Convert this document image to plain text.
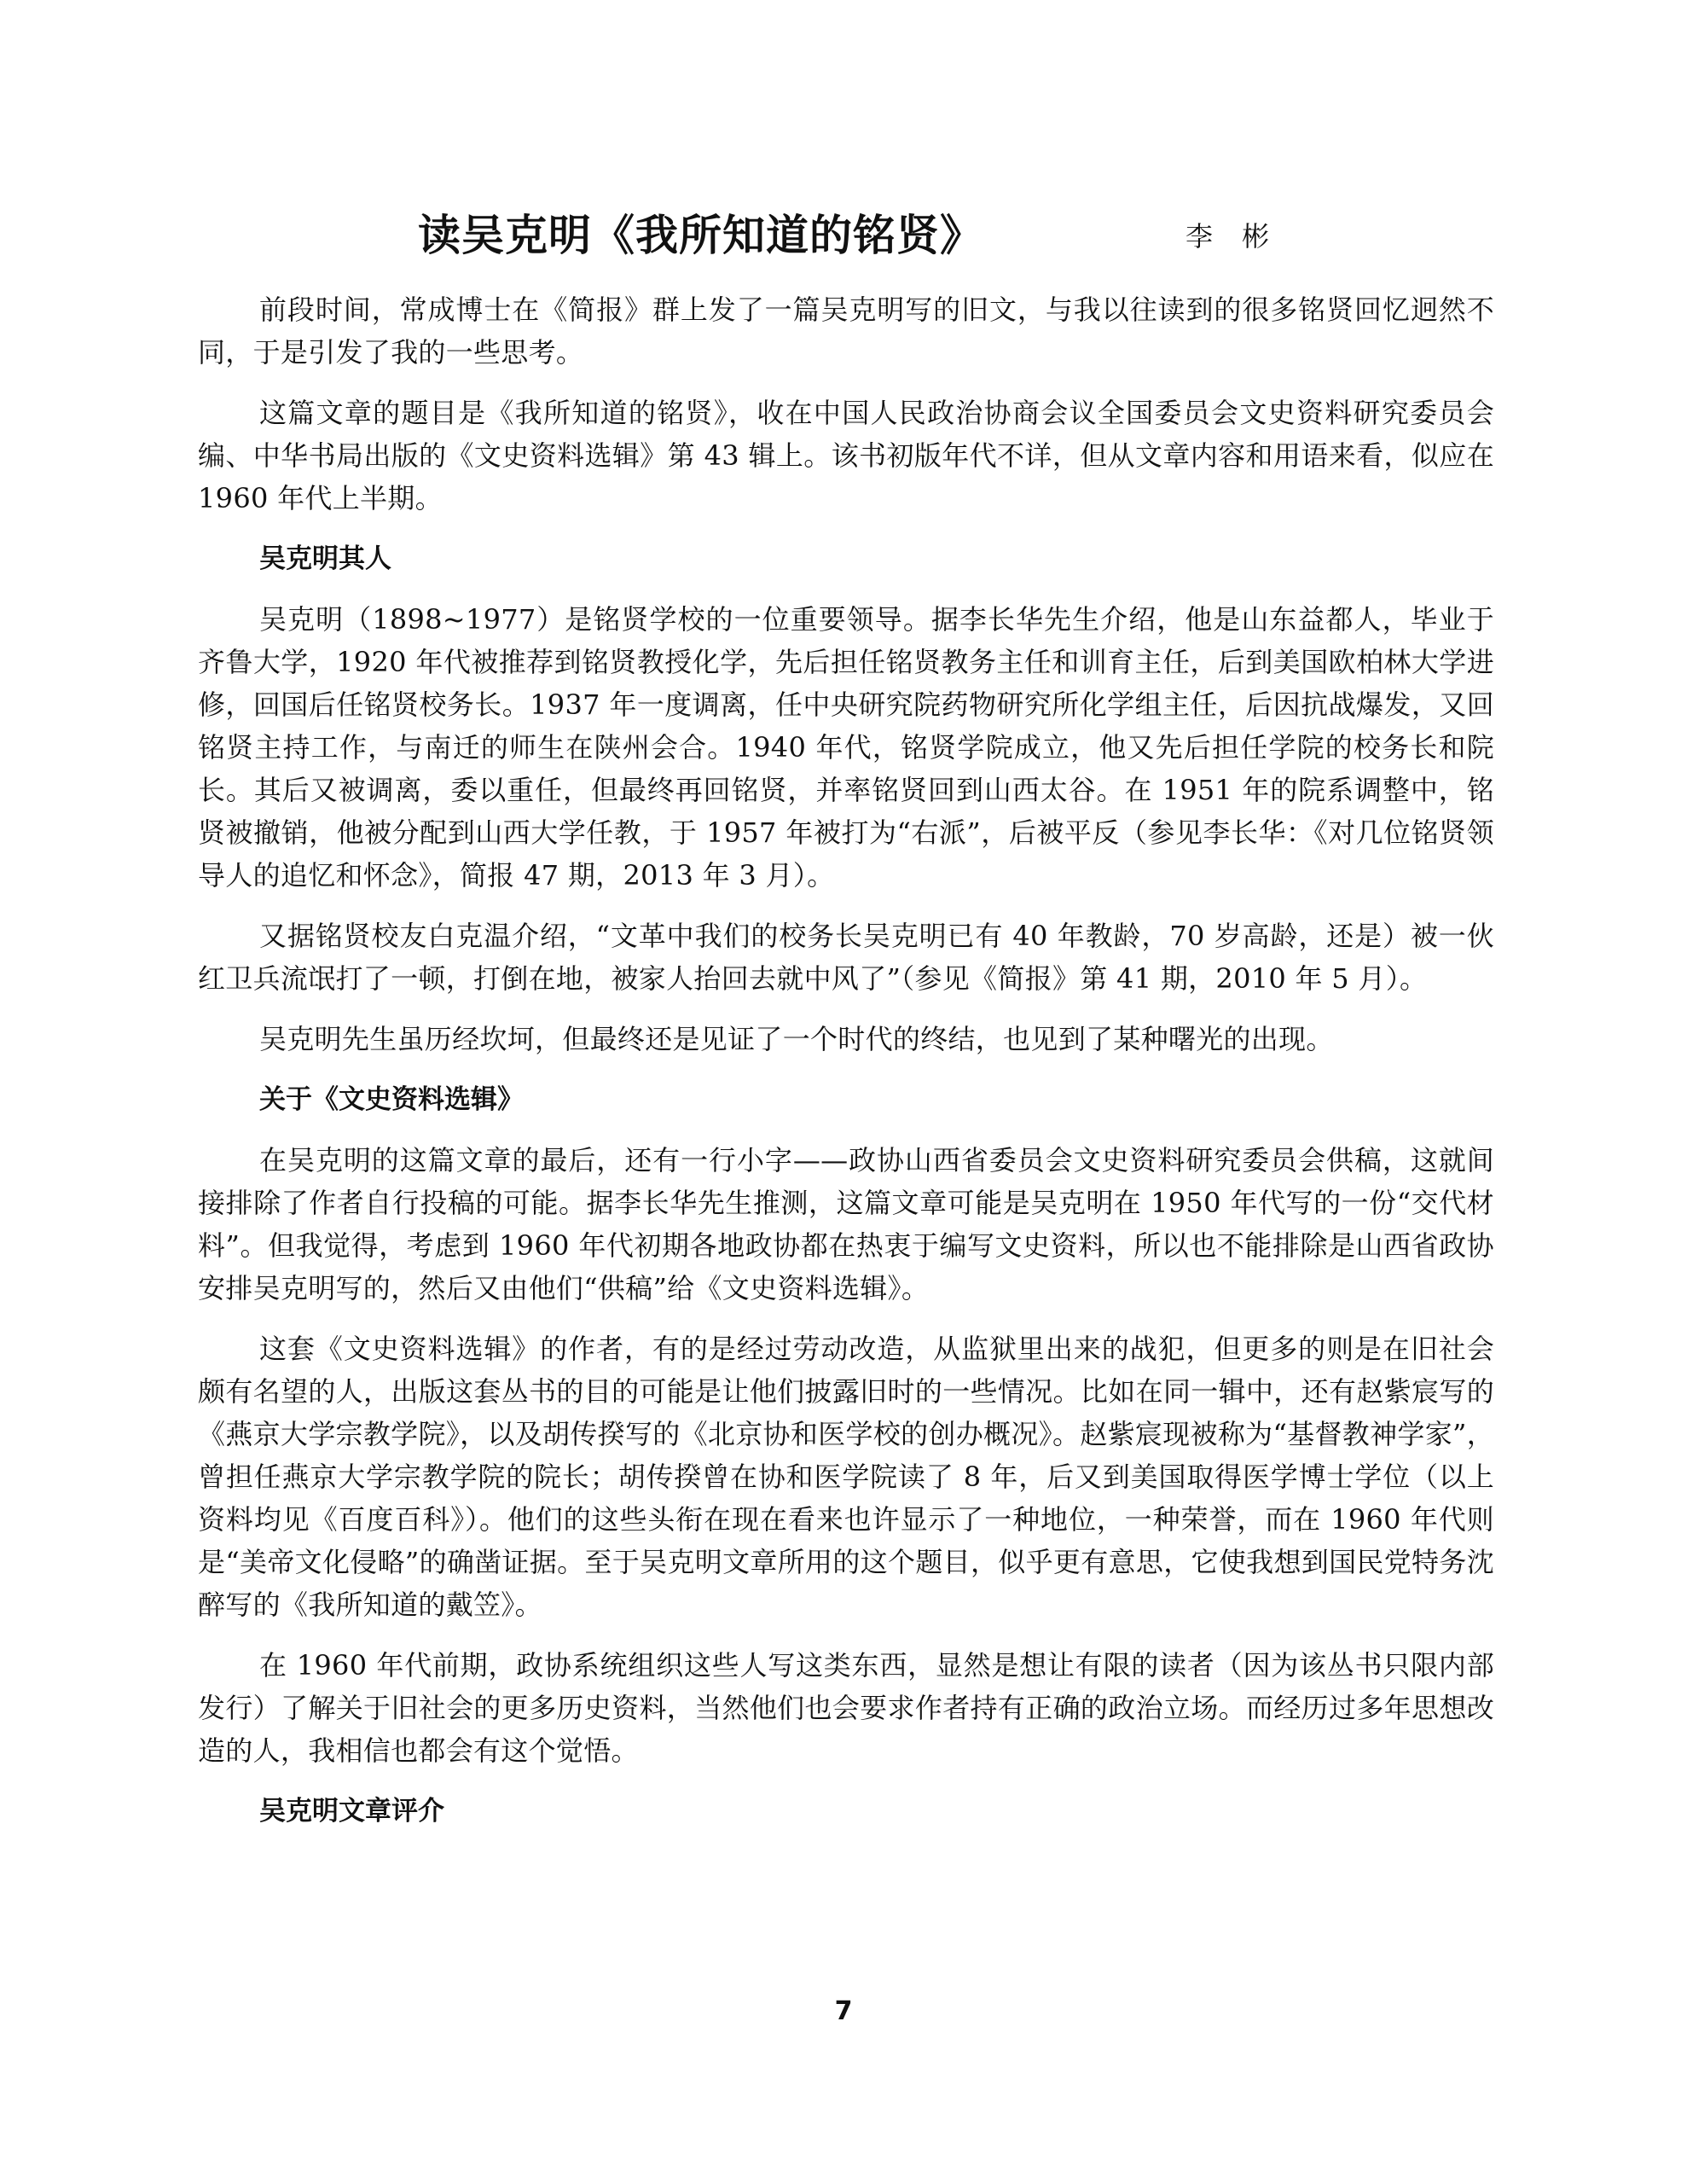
读吴克明《我所知道的铭贤》	李 彬

前段时间，常成博士在《简报》群上发了一篇吴克明写的旧文，与我以往读到的很多铭贤回忆迥然不同，于是引发了我的一些思考。

这篇文章的题目是《我所知道的铭贤》，收在中国人民政治协商会议全国委员会文史资料研究委员会编、中华书局出版的《文史资料选辑》第 43 辑上。该书初版年代不详，但从文章内容和用语来看，似应在 1960 年代上半期。

吴克明其人

吴克明（1898~1977）是铭贤学校的一位重要领导。据李长华先生介绍，他是山东益都人，毕业于齐鲁大学，1920 年代被推荐到铭贤教授化学，先后担任铭贤教务主任和训育主任，后到美国欧柏林大学进修，回国后任铭贤校务长。1937 年一度调离，任中央研究院药物研究所化学组主任，后因抗战爆发，又回铭贤主持工作，与南迁的师生在陕州会合。1940 年代，铭贤学院成立，他又先后担任学院的校务长和院长。其后又被调离，委以重任，但最终再回铭贤，并率铭贤回到山西太谷。在 1951 年的院系调整中，铭贤被撤销，他被分配到山西大学任教，于 1957 年被打为“右派”，后被平反（参见李长华：《对几位铭贤领导人的追忆和怀念》，简报 47 期，2013 年 3 月）。

又据铭贤校友白克温介绍，“文革中我们的校务长吴克明已有 40 年教龄，70 岁高龄，还是）被一伙红卫兵流氓打了一顿，打倒在地，被家人抬回去就中风了”（参见《简报》第 41 期，2010 年 5 月）。

吴克明先生虽历经坎坷，但最终还是见证了一个时代的终结，也见到了某种曙光的出现。

关于《文史资料选辑》

在吴克明的这篇文章的最后，还有一行小字——政协山西省委员会文史资料研究委员会供稿，这就间接排除了作者自行投稿的可能。据李长华先生推测，这篇文章可能是吴克明在 1950 年代写的一份“交代材料”。但我觉得，考虑到 1960 年代初期各地政协都在热衷于编写文史资料，所以也不能排除是山西省政协安排吴克明写的，然后又由他们“供稿”给《文史资料选辑》。

这套《文史资料选辑》的作者，有的是经过劳动改造，从监狱里出来的战犯，但更多的则是在旧社会颇有名望的人，出版这套丛书的目的可能是让他们披露旧时的一些情况。比如在同一辑中，还有赵紫宸写的《燕京大学宗教学院》，以及胡传揆写的《北京协和医学校的创办概况》。赵紫宸现被称为“基督教神学家”，曾担任燕京大学宗教学院的院长；胡传揆曾在协和医学院读了 8 年，后又到美国取得医学博士学位（以上资料均见《百度百科》）。他们的这些头衔在现在看来也许显示了一种地位，一种荣誉，而在 1960 年代则是“美帝文化侵略”的确凿证据。至于吴克明文章所用的这个题目，似乎更有意思，它使我想到国民党特务沈醉写的《我所知道的戴笠》。

在 1960 年代前期，政协系统组织这些人写这类东西，显然是想让有限的读者（因为该丛书只限内部发行）了解关于旧社会的更多历史资料，当然他们也会要求作者持有正确的政治立场。而经历过多年思想改造的人，我相信也都会有这个觉悟。

吴克明文章评介

7
